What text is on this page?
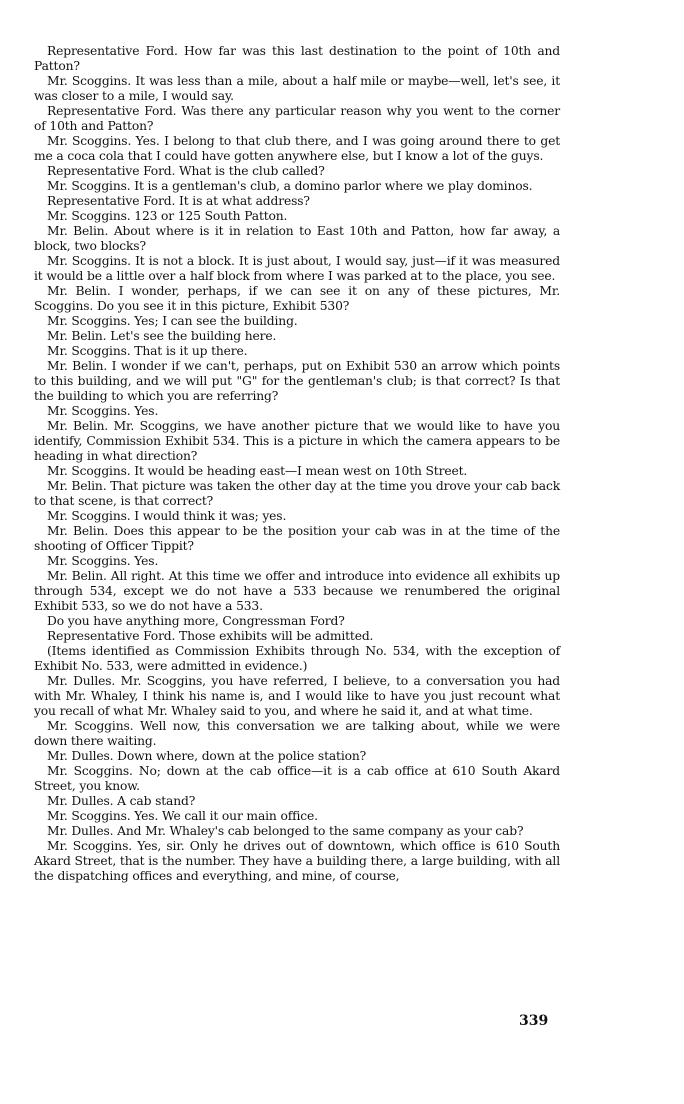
Representative Ford. How far was this last destination to the point of 10th and Patton?

Mr. Scoggins. It was less than a mile, about a half mile or maybe—well, let's see, it was closer to a mile, I would say.

Representative Ford. Was there any particular reason why you went to the corner of 10th and Patton?

Mr. Scoggins. Yes. I belong to that club there, and I was going around there to get me a coca cola that I could have gotten anywhere else, but I know a lot of the guys.

Representative Ford. What is the club called?

Mr. Scoggins. It is a gentleman's club, a domino parlor where we play dominos.

Representative Ford. It is at what address?

Mr. Scoggins. 123 or 125 South Patton.

Mr. Belin. About where is it in relation to East 10th and Patton, how far away, a block, two blocks?

Mr. Scoggins. It is not a block. It is just about, I would say, just—if it was measured it would be a little over a half block from where I was parked at to the place, you see.

Mr. Belin. I wonder, perhaps, if we can see it on any of these pictures, Mr. Scoggins. Do you see it in this picture, Exhibit 530?

Mr. Scoggins. Yes; I can see the building.

Mr. Belin. Let's see the building here.

Mr. Scoggins. That is it up there.

Mr. Belin. I wonder if we can't, perhaps, put on Exhibit 530 an arrow which points to this building, and we will put "G" for the gentleman's club; is that correct? Is that the building to which you are referring?

Mr. Scoggins. Yes.

Mr. Belin. Mr. Scoggins, we have another picture that we would like to have you identify, Commission Exhibit 534. This is a picture in which the camera appears to be heading in what direction?

Mr. Scoggins. It would be heading east—I mean west on 10th Street.

Mr. Belin. That picture was taken the other day at the time you drove your cab back to that scene, is that correct?

Mr. Scoggins. I would think it was; yes.

Mr. Belin. Does this appear to be the position your cab was in at the time of the shooting of Officer Tippit?

Mr. Scoggins. Yes.

Mr. Belin. All right. At this time we offer and introduce into evidence all exhibits up through 534, except we do not have a 533 because we renumbered the original Exhibit 533, so we do not have a 533.

Do you have anything more, Congressman Ford?

Representative Ford. Those exhibits will be admitted.

(Items identified as Commission Exhibits through No. 534, with the exception of Exhibit No. 533, were admitted in evidence.)

Mr. Dulles. Mr. Scoggins, you have referred, I believe, to a conversation you had with Mr. Whaley, I think his name is, and I would like to have you just recount what you recall of what Mr. Whaley said to you, and where he said it, and at what time.

Mr. Scoggins. Well now, this conversation we are talking about, while we were down there waiting.

Mr. Dulles. Down where, down at the police station?

Mr. Scoggins. No; down at the cab office—it is a cab office at 610 South Akard Street, you know.

Mr. Dulles. A cab stand?

Mr. Scoggins. Yes. We call it our main office.

Mr. Dulles. And Mr. Whaley's cab belonged to the same company as your cab?

Mr. Scoggins. Yes, sir. Only he drives out of downtown, which office is 610 South Akard Street, that is the number. They have a building there, a large building, with all the dispatching offices and everything, and mine, of course,

339
